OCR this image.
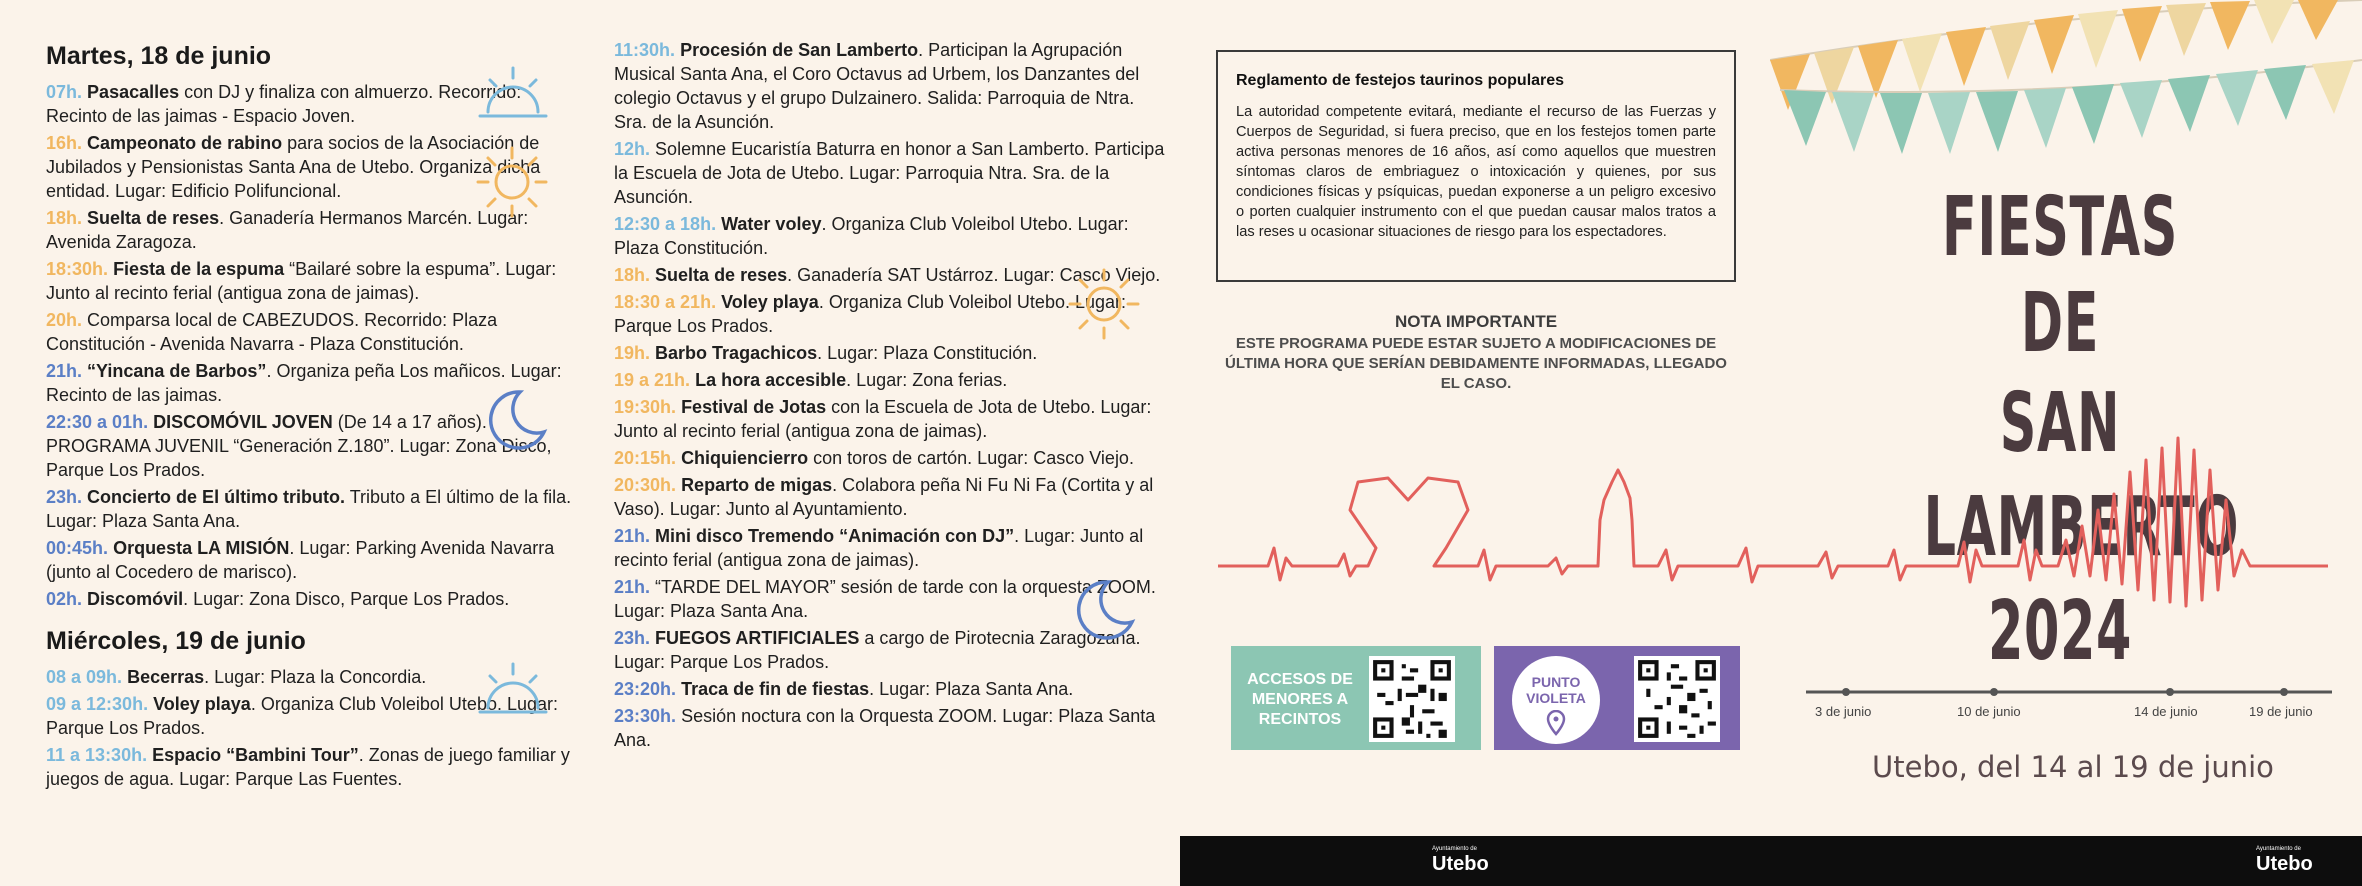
Martes, 18 de junio
07h. Pasacalles con DJ y finaliza con almuerzo. Recorrido: Recinto de las jaimas - Espacio Joven.
16h. Campeonato de rabino para socios de la Asociación de Jubilados y Pensionistas Santa Ana de Utebo. Organiza dicha entidad. Lugar: Edificio Polifuncional.
18h. Suelta de reses. Ganadería Hermanos Marcén. Lugar: Avenida Zaragoza.
18:30h. Fiesta de la espuma “Bailaré sobre la espuma”. Lugar: Junto al recinto ferial (antigua zona de jaimas).
20h. Comparsa local de CABEZUDOS. Recorrido: Plaza Constitución - Avenida Navarra - Plaza Constitución.
21h. “Yincana de Barbos”. Organiza peña Los mañicos. Lugar: Recinto de las jaimas.
22:30 a 01h. DISCOMÓVIL JOVEN (De 14 a 17 años). PROGRAMA JUVENIL “Generación Z.180”. Lugar: Zona Disco, Parque Los Prados.
23h. Concierto de El último tributo. Tributo a El último de la fila. Lugar: Plaza Santa Ana.
00:45h. Orquesta LA MISIÓN. Lugar: Parking Avenida Navarra (junto al Cocedero de marisco).
02h. Discomóvil. Lugar: Zona Disco, Parque Los Prados.
Miércoles, 19 de junio
08 a 09h. Becerras. Lugar: Plaza la Concordia.
09 a 12:30h. Voley playa. Organiza Club Voleibol Utebo. Lugar: Parque Los Prados.
11 a 13:30h. Espacio “Bambini Tour”. Zonas de juego familiar y juegos de agua. Lugar: Parque Las Fuentes.
11:30h. Procesión de San Lamberto. Participan la Agrupación Musical Santa Ana, el Coro Octavus ad Urbem, los Danzantes del colegio Octavus y el grupo Dulzainero. Salida: Parroquia de Ntra. Sra. de la Asunción.
12h. Solemne Eucaristía Baturra en honor a San Lamberto. Participa la Escuela de Jota de Utebo. Lugar: Parroquia Ntra. Sra. de la Asunción.
12:30 a 18h. Water voley. Organiza Club Voleibol Utebo. Lugar: Plaza Constitución.
18h. Suelta de reses. Ganadería SAT Ustárroz. Lugar: Casco Viejo.
18:30 a 21h. Voley playa. Organiza Club Voleibol Utebo. Lugar: Parque Los Prados.
19h. Barbo Tragachicos. Lugar: Plaza Constitución.
19 a 21h. La hora accesible. Lugar: Zona ferias.
19:30h. Festival de Jotas con la Escuela de Jota de Utebo. Lugar: Junto al recinto ferial (antigua zona de jaimas).
20:15h. Chiquiencierro con toros de cartón. Lugar: Casco Viejo.
20:30h. Reparto de migas. Colabora peña Ni Fu Ni Fa (Cortita y al Vaso). Lugar: Junto al Ayuntamiento.
21h. Mini disco Tremendo “Animación con DJ”. Lugar: Junto al recinto ferial (antigua zona de jaimas).
21h. “TARDE DEL MAYOR” sesión de tarde con la orquesta ZOOM. Lugar: Plaza Santa Ana.
23h. FUEGOS ARTIFICIALES a cargo de Pirotecnia Zaragozana. Lugar: Parque Los Prados.
23:20h. Traca de fin de fiestas. Lugar: Plaza Santa Ana.
23:30h. Sesión noctura con la Orquesta ZOOM. Lugar: Plaza Santa Ana.
Reglamento de festejos taurinos populares

La autoridad competente evitará, mediante el recurso de las Fuerzas y Cuerpos de Seguridad, si fuera preciso, que en los festejos tomen parte activa personas menores de 16 años, así como aquellos que muestren síntomas claros de embriaguez o intoxicación y quienes, por sus condiciones físicas y psíquicas, puedan exponerse a un peligro excesivo o porten cualquier instrumento con el que puedan causar malos tratos a las reses u ocasionar situaciones de riesgo para los espectadores.

NOTA IMPORTANTE
ESTE PROGRAMA PUEDE ESTAR SUJETO A MODIFICACIONES DE ÚLTIMA HORA QUE SERÍAN DEBIDAMENTE INFORMADAS, LLEGADO EL CASO.
FIESTAS DE
SAN LAMBERTO 2024
ACCESOS DE MENORES A RECINTOS
PUNTO VIOLETA
3 de junio	10 de junio	14 de junio	19 de junio
Utebo, del 14 al 19 de junio
Ayuntamiento de
Utebo
Ayuntamiento de
Utebo
